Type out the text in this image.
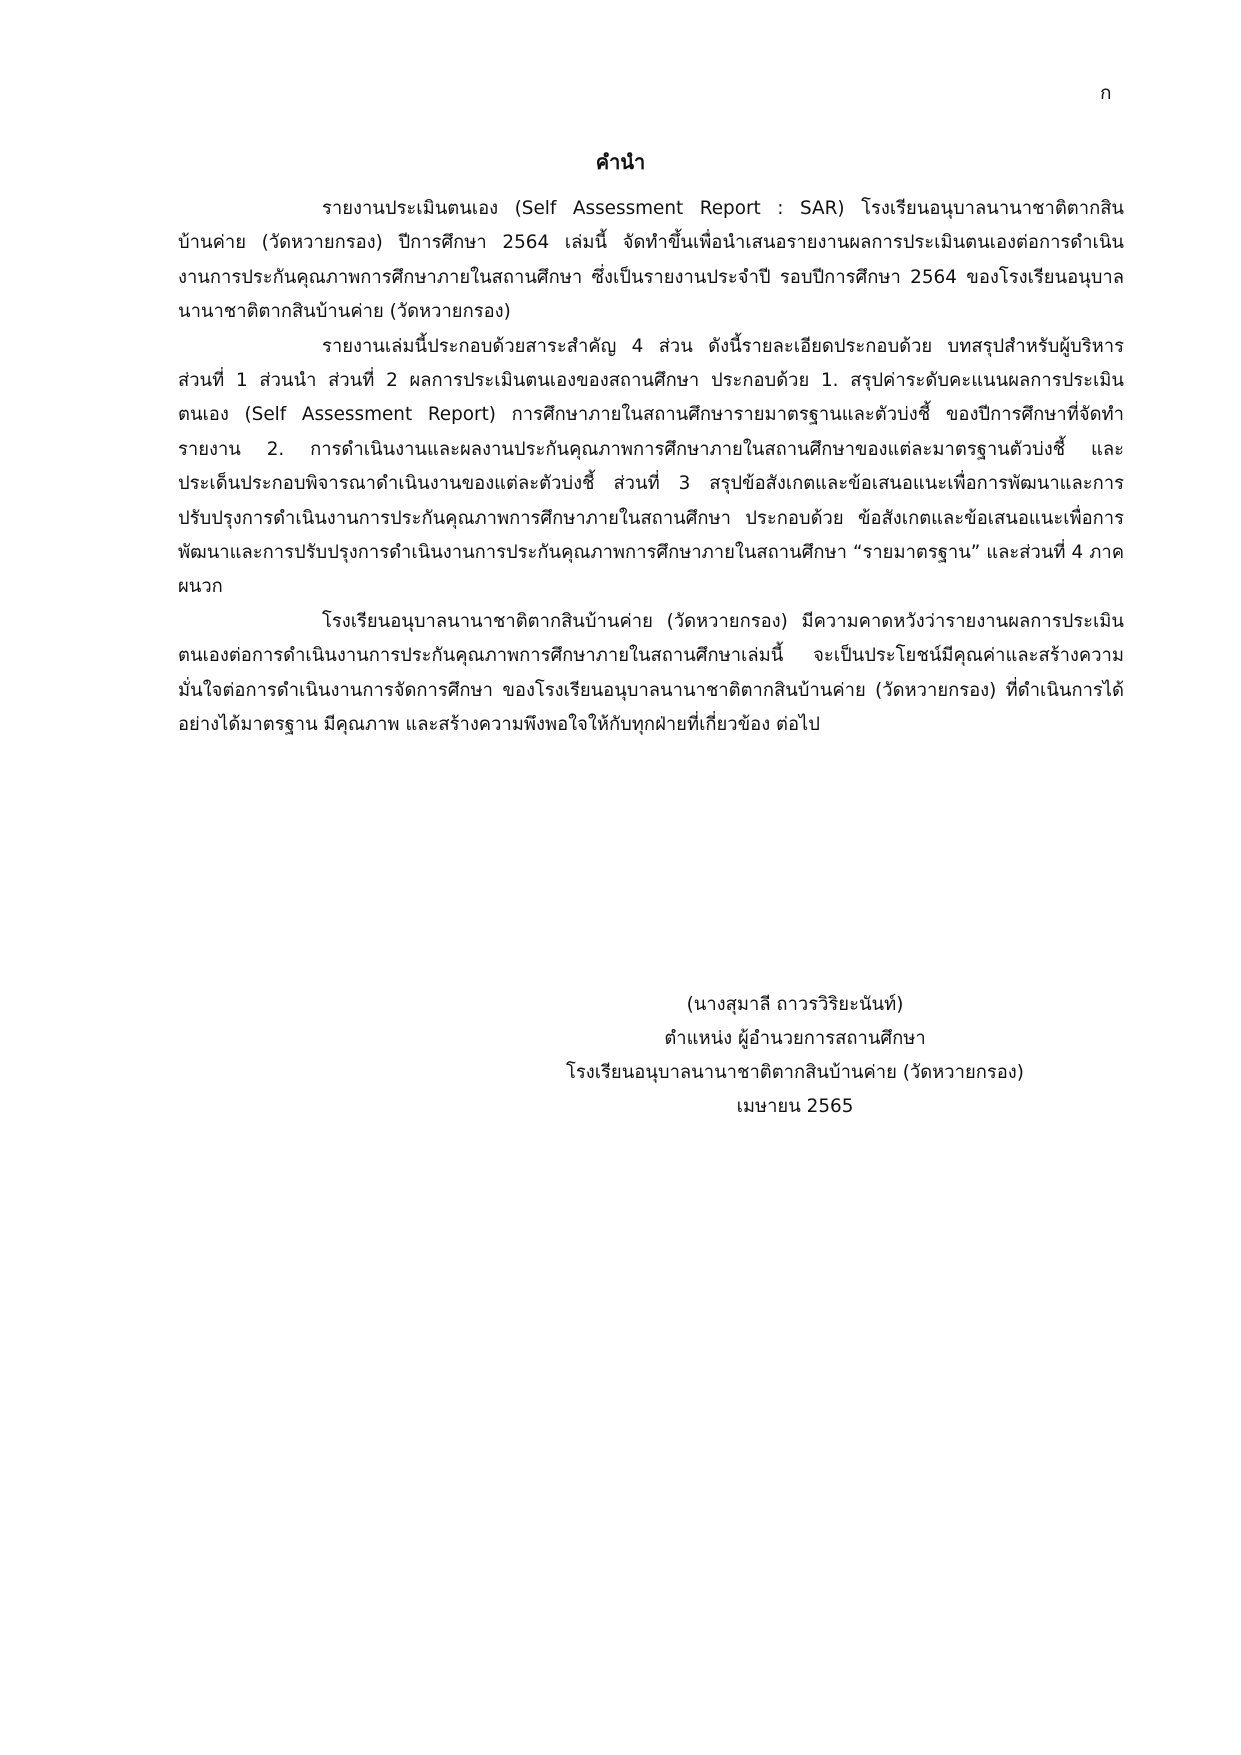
ก
คำนำ

รายงานประเมินตนเอง (Self Assessment Report : SAR) โรงเรียนอนุบาลนานาชาติตากสินบ้านค่าย (วัดหวายกรอง) ปีการศึกษา 2564 เล่มนี้ จัดทำขึ้นเพื่อนำเสนอรายงานผลการประเมินตนเองต่อการดำเนินงานการประกันคุณภาพการศึกษาภายในสถานศึกษา ซึ่งเป็นรายงานประจำปี รอบปีการศึกษา 2564 ของโรงเรียนอนุบาลนานาชาติตากสินบ้านค่าย (วัดหวายกรอง)

รายงานเล่มนี้ประกอบด้วยสาระสำคัญ 4 ส่วน ดังนี้รายละเอียดประกอบด้วย บทสรุปสำหรับผู้บริหาร ส่วนที่ 1 ส่วนนำ ส่วนที่ 2 ผลการประเมินตนเองของสถานศึกษา ประกอบด้วย 1. สรุปค่าระดับคะแนนผลการประเมินตนเอง (Self Assessment Report) การศึกษาภายในสถานศึกษารายมาตรฐานและตัวบ่งชี้ ของปีการศึกษาที่จัดทำรายงาน 2. การดำเนินงานและผลงานประกันคุณภาพการศึกษาภายในสถานศึกษาของแต่ละมาตรฐานตัวบ่งชี้ และประเด็นประกอบพิจารณาดำเนินงานของแต่ละตัวบ่งชี้ ส่วนที่ 3 สรุปข้อสังเกตและข้อเสนอแนะเพื่อการพัฒนาและการปรับปรุงการดำเนินงานการประกันคุณภาพการศึกษาภายในสถานศึกษา ประกอบด้วย ข้อสังเกตและข้อเสนอแนะเพื่อการพัฒนาและการปรับปรุงการดำเนินงานการประกันคุณภาพการศึกษาภายในสถานศึกษา “รายมาตรฐาน” และส่วนที่ 4 ภาคผนวก

โรงเรียนอนุบาลนานาชาติตากสินบ้านค่าย (วัดหวายกรอง) มีความคาดหวังว่ารายงานผลการประเมินตนเองต่อการดำเนินงานการประกันคุณภาพการศึกษาภายในสถานศึกษาเล่มนี้ จะเป็นประโยชน์มีคุณค่าและสร้างความมั่นใจต่อการดำเนินงานการจัดการศึกษา ของโรงเรียนอนุบาลนานาชาติตากสินบ้านค่าย (วัดหวายกรอง) ที่ดำเนินการได้อย่างได้มาตรฐาน มีคุณภาพ และสร้างความพึงพอใจให้กับทุกฝ่ายที่เกี่ยวข้อง ต่อไป

(นางสุมาลี ถาวรวิริยะนันท์)
ตำแหน่ง ผู้อำนวยการสถานศึกษา
โรงเรียนอนุบาลนานาชาติตากสินบ้านค่าย (วัดหวายกรอง)
เมษายน 2565
